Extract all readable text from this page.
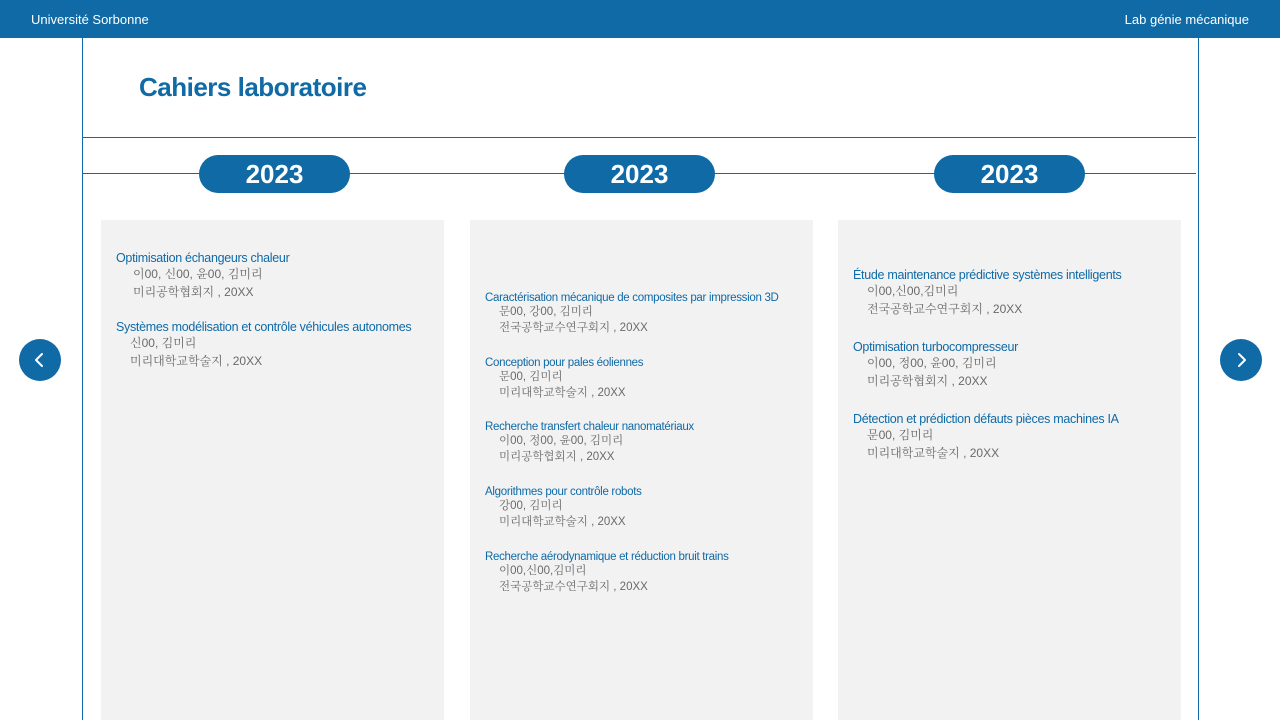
Université Sorbonne	Lab génie mécanique
Cahiers laboratoire
2023	2023	2023
Optimisation échangeurs chaleur
이00, 신00, 윤00, 김미리
미리공학협회지 , 20XX
Systèmes modélisation et contrôle véhicules autonomes
신00, 김미리
미리대학교학술지 , 20XX
Caractérisation mécanique de composites par impression 3D
문00, 강00, 김미리
전국공학교수연구회지 , 20XX
Conception pour pales éoliennes
문00, 김미리
미리대학교학술지 , 20XX
Recherche transfert chaleur nanomatériaux
이00, 정00, 윤00, 김미리
미리공학협회지 , 20XX
Algorithmes pour contrôle robots
강00, 김미리
미리대학교학술지 , 20XX
Recherche aérodynamique et réduction bruit trains
이00,신00,김미리
전국공학교수연구회지 , 20XX
Étude maintenance prédictive systèmes intelligents
이00,신00,김미리
전국공학교수연구회지 , 20XX
Optimisation turbocompresseur
이00, 정00, 윤00, 김미리
미리공학협회지 , 20XX
Détection et prédiction défauts pièces machines IA
문00, 김미리
미리대학교학술지 , 20XX
